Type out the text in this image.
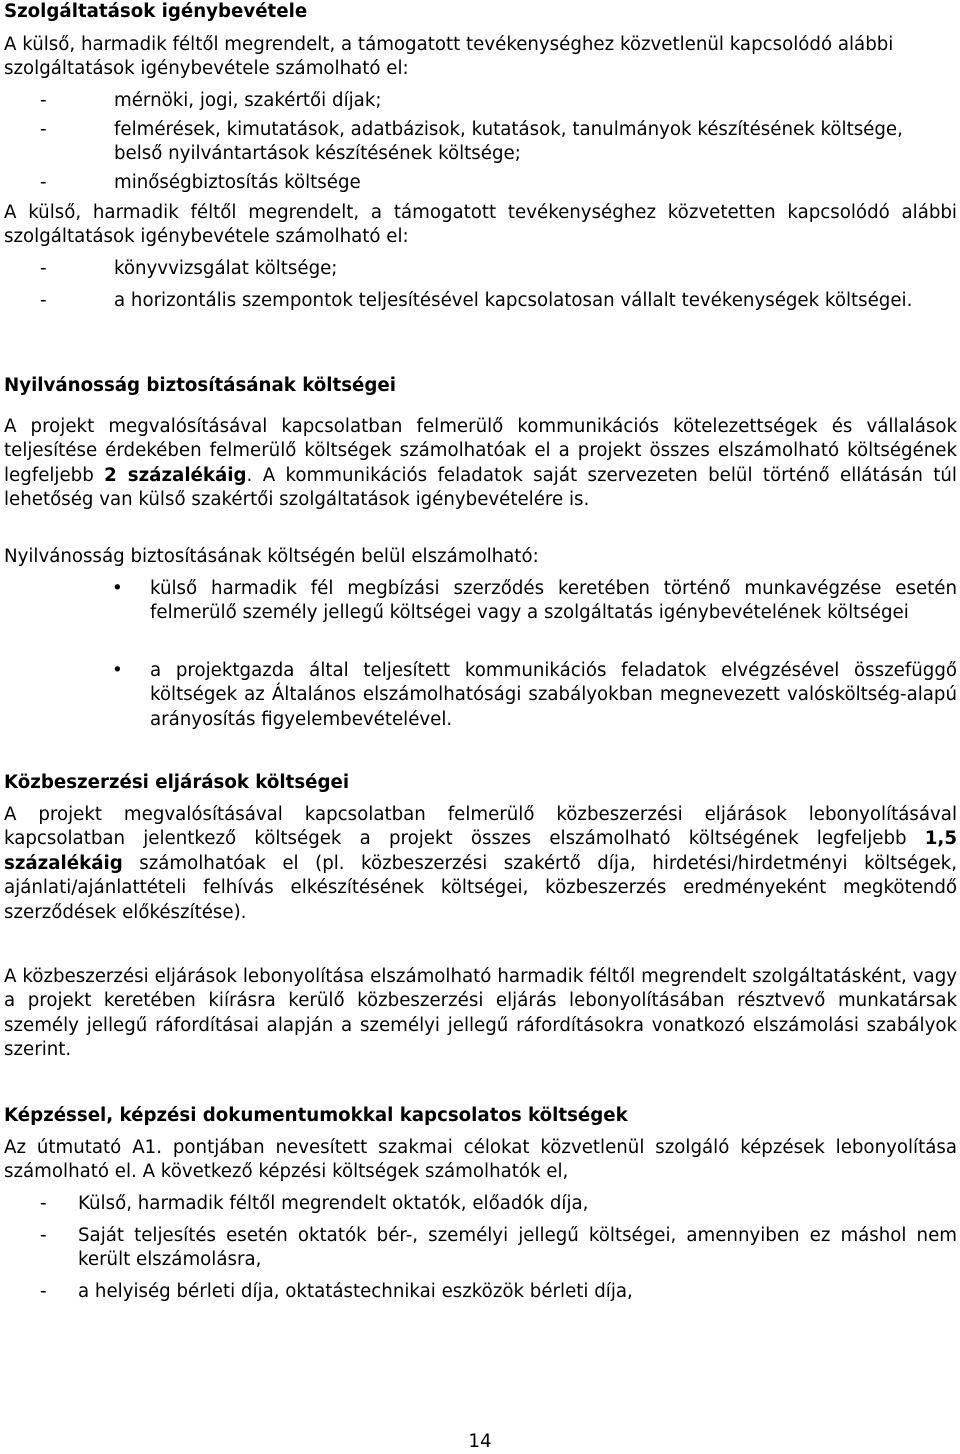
Szolgáltatások igénybevétele

A külső, harmadik féltől megrendelt, a támogatott tevékenységhez közvetlenül kapcsolódó alábbi szolgáltatások igénybevétele számolható el:

-	mérnöki, jogi, szakértői díjak;
-	felmérések, kimutatások, adatbázisok, kutatások, tanulmányok készítésének költsége, belső nyilvántartások készítésének költsége;
-	minőségbiztosítás költsége

A külső, harmadik féltől megrendelt, a támogatott tevékenységhez közvetetten kapcsolódó alábbi szolgáltatások igénybevétele számolható el:

-	könyvvizsgálat költsége;
-	a horizontális szempontok teljesítésével kapcsolatosan vállalt tevékenységek költségei.

Nyilvánosság biztosításának költségei

A projekt megvalósításával kapcsolatban felmerülő kommunikációs kötelezettségek és vállalások teljesítése érdekében felmerülő költségek számolhatóak el a projekt összes elszámolható költségének legfeljebb 2 százalékáig. A kommunikációs feladatok saját szervezeten belül történő ellátásán túl lehetőség van külső szakértői szolgáltatások igénybevételére is.

Nyilvánosság biztosításának költségén belül elszámolható:

• külső harmadik fél megbízási szerződés keretében történő munkavégzése esetén felmerülő személy jellegű költségei vagy a szolgáltatás igénybevételének költségei
• a projektgazda által teljesített kommunikációs feladatok elvégzésével összefüggő költségek az Általános elszámolhatósági szabályokban megnevezett valósköltség-alapú arányosítás figyelembevételével.

Közbeszerzési eljárások költségei

A projekt megvalósításával kapcsolatban felmerülő közbeszerzési eljárások lebonyolításával kapcsolatban jelentkező költségek a projekt összes elszámolható költségének legfeljebb 1,5 százalékáig számolhatóak el (pl. közbeszerzési szakértő díja, hirdetési/hirdetményi költségek, ajánlati/ajánlattételi felhívás elkészítésének költségei, közbeszerzés eredményeként megkötendő szerződések előkészítése).

A közbeszerzési eljárások lebonyolítása elszámolható harmadik féltől megrendelt szolgáltatásként, vagy a projekt keretében kiírásra kerülő közbeszerzési eljárás lebonyolításában résztvevő munkatársak személy jellegű ráfordításai alapján a személyi jellegű ráfordításokra vonatkozó elszámolási szabályok szerint.

Képzéssel, képzési dokumentumokkal kapcsolatos költségek

Az útmutató A1. pontjában nevesített szakmai célokat közvetlenül szolgáló képzések lebonyolítása számolható el. A következő képzési költségek számolhatók el,

- Külső, harmadik féltől megrendelt oktatók, előadók díja,
- Saját teljesítés esetén oktatók bér-, személyi jellegű költségei, amennyiben ez máshol nem került elszámolásra,
- a helyiség bérleti díja, oktatástechnikai eszközök bérleti díja,
14
